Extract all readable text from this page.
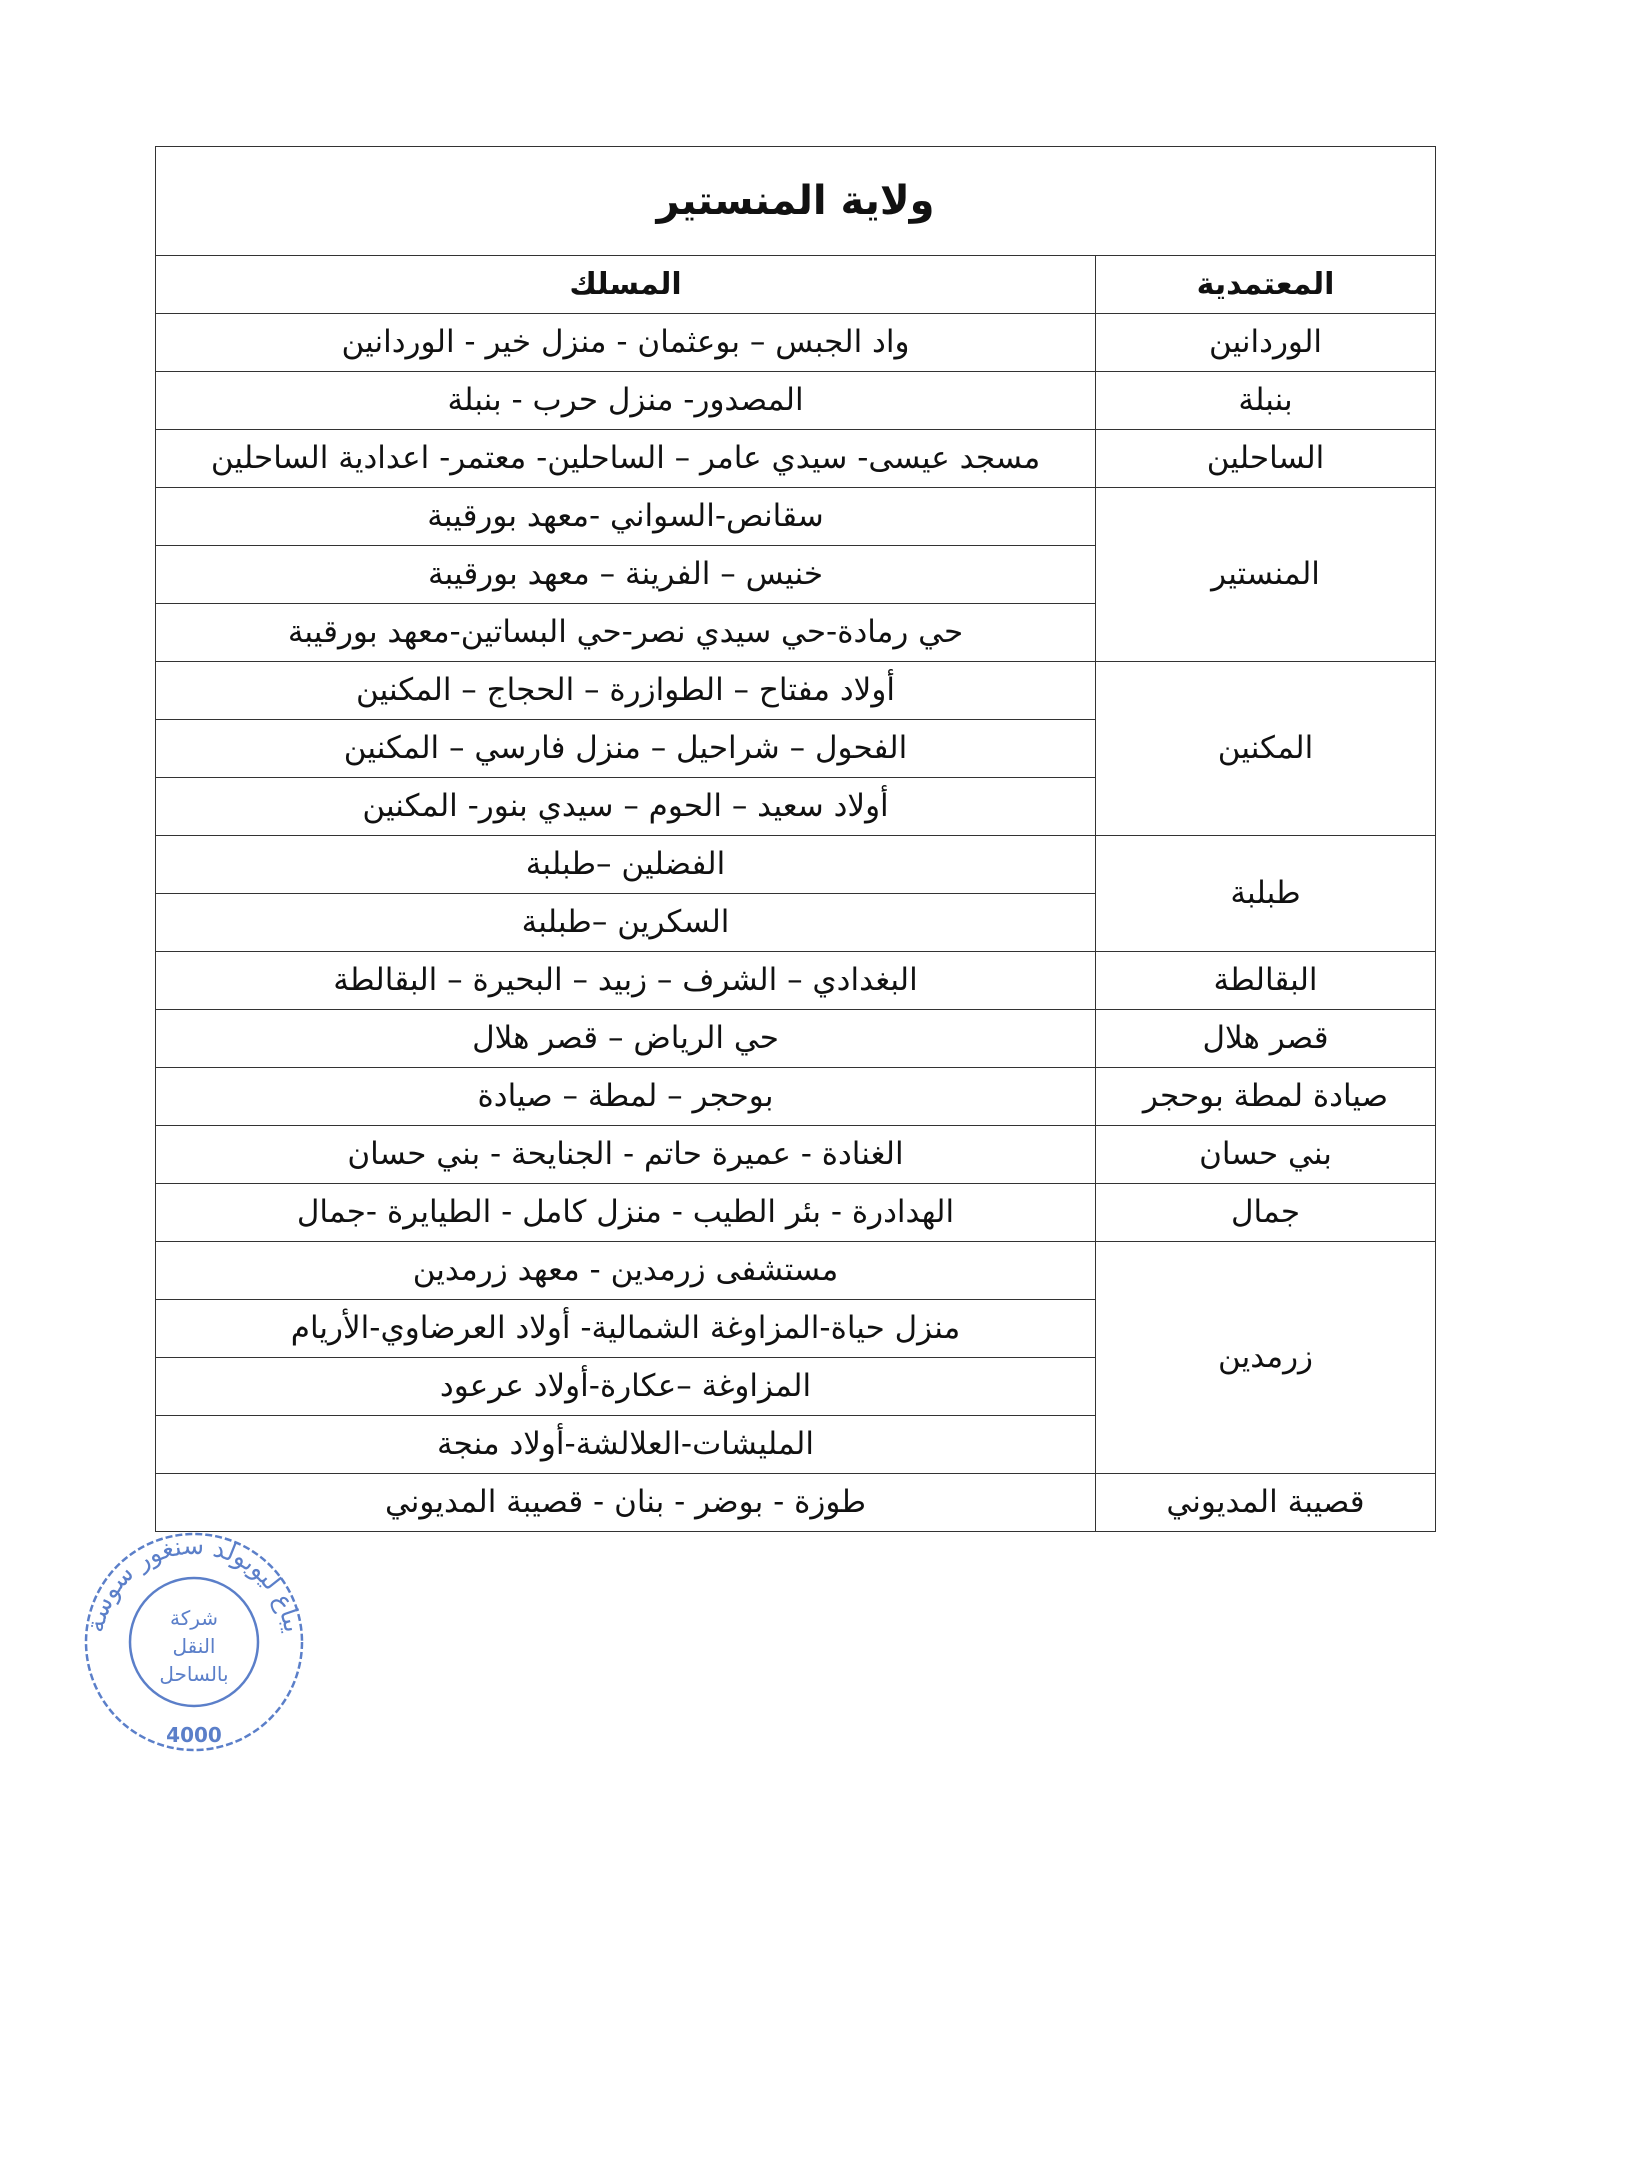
ولاية المنستير	
المعتمدية	المسلك
الوردانين	واد الجبس – بوعثمان - منزل خير - الوردانين
بنبلة	المصدور- منزل حرب - بنبلة
الساحلين	مسجد عيسى- سيدي عامر – الساحلين- معتمر- اعدادية الساحلين
المنستير	سقانص-السواني -معهد بورقيبة
	خنيس – الفرينة – معهد بورقيبة
	حي رمادة-حي سيدي نصر-حي البساتين-معهد بورقيبة
المكنين	أولاد مفتاح – الطوازرة – الحجاج – المكنين
	الفحول – شراحيل – منزل فارسي – المكنين
	أولاد سعيد – الحوم – سيدي بنور- المكنين
طبلبة	الفضلين –طبلبة
	السكرين –طبلبة
البقالطة	البغدادي – الشرف – زبيد – البحيرة – البقالطة
قصر هلال	حي الرياض – قصر هلال
صيادة لمطة بوحجر	بوحجر – لمطة – صيادة
بني حسان	الغنادة - عميرة حاتم - الجنايحة - بني حسان
جمال	الهدادرة - بئر الطيب - منزل كامل - الطيايرة -جمال
زرمدين	مستشفى زرمدين - معهد زرمدين
	منزل حياة-المزاوغة الشمالية- أولاد العرضاوي-الأريام
	المزاوغة –عكارة-أولاد عرعود
	المليشات-العلالشة-أولاد منجة
قصيبة المديوني	طوزة - بوضر - بنان - قصيبة المديوني
يباع ليوبولد سنغور سوسة
شركة
النقل
بالساحل
4000
